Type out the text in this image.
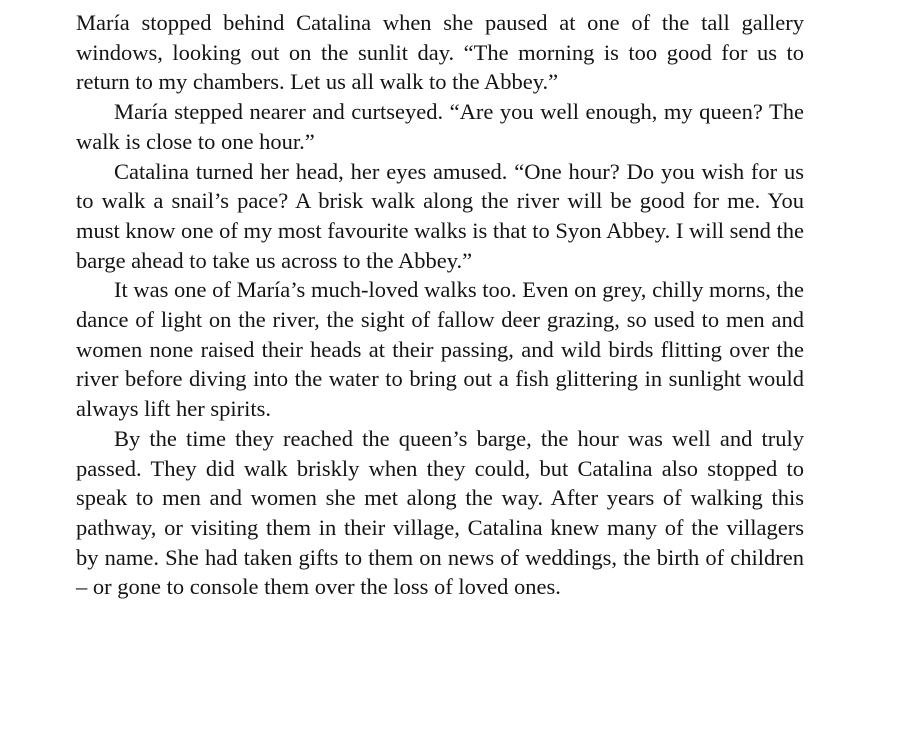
María stopped behind Catalina when she paused at one of the tall gallery windows, looking out on the sunlit day. “The morning is too good for us to return to my chambers. Let us all walk to the Abbey.”

María stepped nearer and curtseyed. “Are you well enough, my queen? The walk is close to one hour.”

Catalina turned her head, her eyes amused. “One hour? Do you wish for us to walk a snail’s pace? A brisk walk along the river will be good for me. You must know one of my most favourite walks is that to Syon Abbey. I will send the barge ahead to take us across to the Abbey.”

It was one of María’s much-loved walks too. Even on grey, chilly morns, the dance of light on the river, the sight of fallow deer grazing, so used to men and women none raised their heads at their passing, and wild birds flitting over the river before diving into the water to bring out a fish glittering in sunlight would always lift her spirits.

By the time they reached the queen’s barge, the hour was well and truly passed. They did walk briskly when they could, but Catalina also stopped to speak to men and women she met along the way. After years of walking this pathway, or visiting them in their village, Catalina knew many of the villagers by name. She had taken gifts to them on news of weddings, the birth of children – or gone to console them over the loss of loved ones.
